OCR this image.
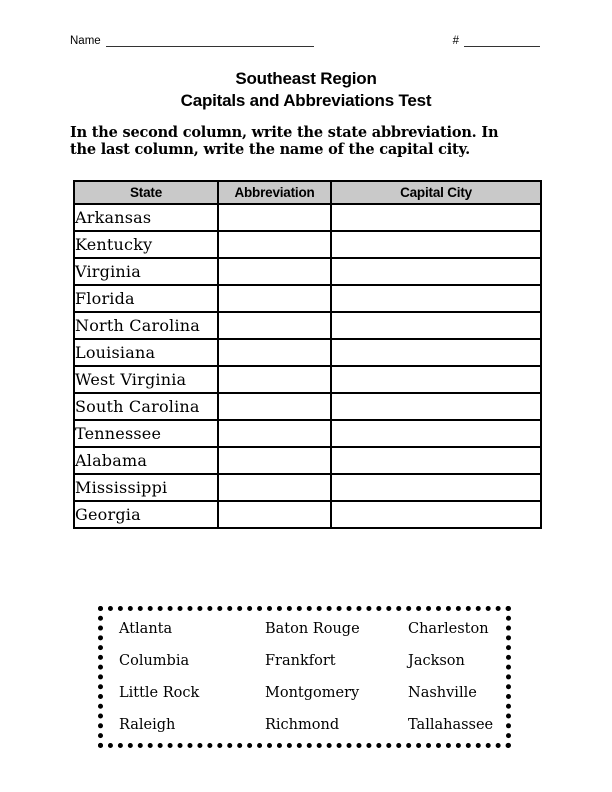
Name	#
Southeast Region
Capitals and Abbreviations Test

In the second column, write the state abbreviation. In the last column, write the name of the capital city.

State	Abbreviation	Capital City
Arkansas		
Kentucky		
Virginia		
Florida		
North Carolina		
Louisiana		
West Virginia		
South Carolina		
Tennessee		
Alabama		
Mississippi		
Georgia		
Atlanta	Baton Rouge	Charleston
Columbia	Frankfort	Jackson
Little Rock	Montgomery	Nashville
Raleigh	Richmond	Tallahassee
